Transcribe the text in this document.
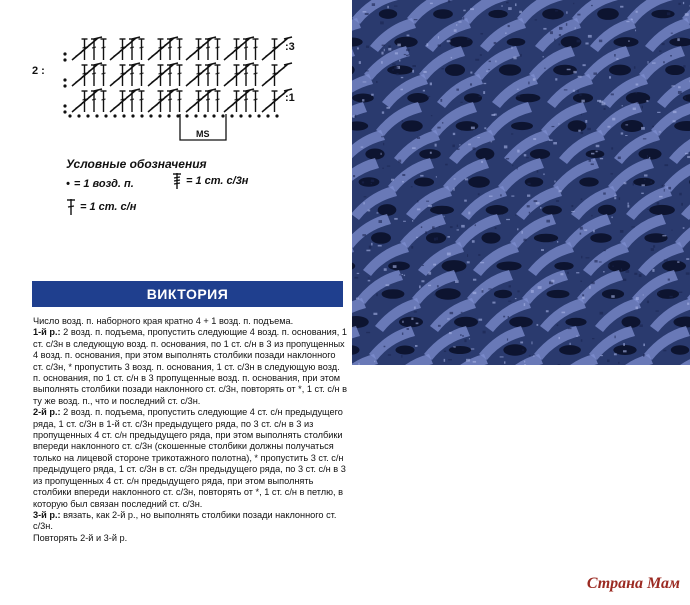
:3
2 :
:1
MS
Условные обозначения
• = 1 возд. п.	= 1 ст. с/3н
= 1 ст. с/н
ВИКТОРИЯ

Число возд. п. наборного края кратно 4 + 1 возд. п. подъема.

1-й р.: 2 возд. п. подъема, пропустить следующие 4 возд. п. основания, 1 ст. с/3н в следующую возд. п. основания, по 1 ст. с/н в 3 из пропущенных 4 возд. п. основания, при этом выполнять столбики позади наклонного ст. с/3н, * пропустить 3 возд. п. основания, 1 ст. с/3н в следующую возд. п. основания, по 1 ст. с/н в 3 пропущенные возд. п. основания, при этом выполнять столбики позади наклонного ст. с/3н, повторять от *, 1 ст. с/н в ту же возд. п., что и последний ст. с/3н.

2-й р.: 2 возд. п. подъема, пропустить следующие 4 ст. с/н предыдущего ряда, 1 ст. с/3н в 1-й ст. с/3н предыдущего ряда, по 3 ст. с/н в 3 из пропущенных 4 ст. с/н предыдущего ряда, при этом выполнять столбики впереди наклонного ст. с/3н (скошенные столбики должны получаться только на лицевой стороне трикотажного полотна), * пропустить 3 ст. с/н предыдущего ряда, 1 ст. с/3н в ст. с/3н предыдущего ряда, по 3 ст. с/н в 3 из пропущенных 4 ст. с/н предыдущего ряда, при этом выполнять столбики впереди наклонного ст. с/3н, повторять от *, 1 ст. с/н в петлю, в которую был связан последний ст. с/3н.

3-й р.: вязать, как 2-й р., но выполнять столбики позади наклонного ст. с/3н.

Повторять 2-й и 3-й р.

Страна Мам
